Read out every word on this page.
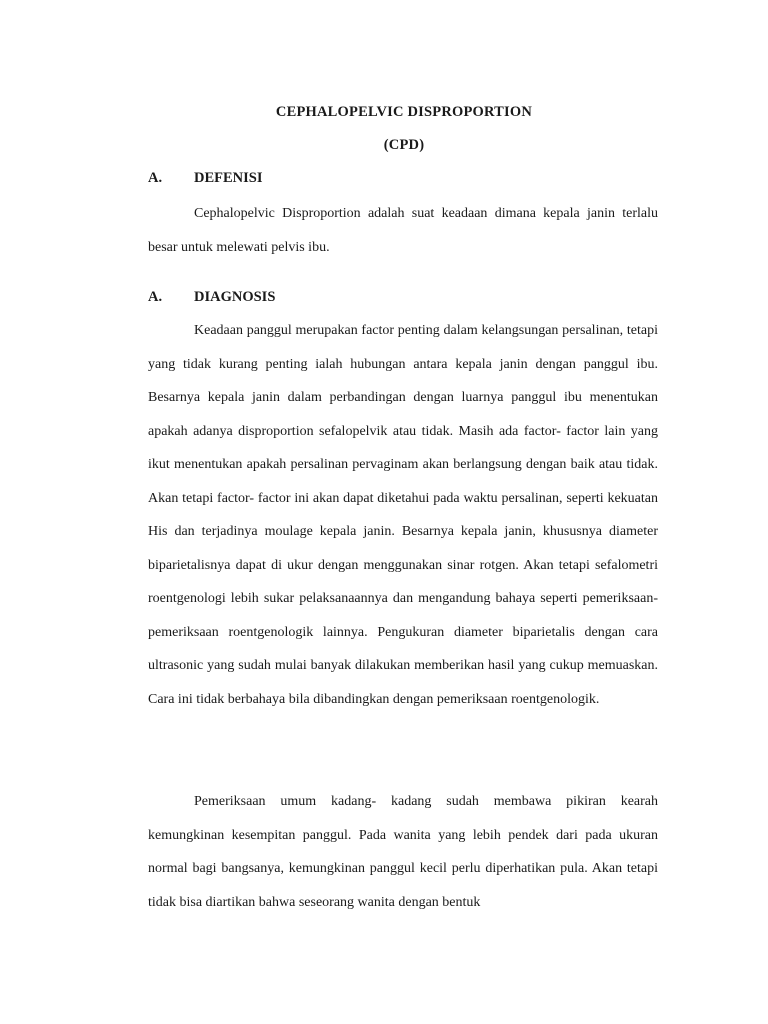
CEPHALOPELVIC DISPROPORTION
(CPD)
A. DEFENISI

Cephalopelvic Disproportion adalah suat keadaan dimana kepala janin terlalu besar untuk melewati pelvis ibu.

A. DIAGNOSIS

Keadaan panggul merupakan factor penting dalam kelangsungan persalinan, tetapi yang tidak kurang penting ialah hubungan antara kepala janin dengan panggul ibu. Besarnya kepala janin dalam perbandingan dengan luarnya panggul ibu menentukan apakah adanya disproportion sefalopelvik atau tidak. Masih ada factor- factor lain yang ikut menentukan apakah persalinan pervaginam akan berlangsung dengan baik atau tidak. Akan tetapi factor- factor ini akan dapat diketahui pada waktu persalinan, seperti kekuatan His dan terjadinya moulage kepala janin. Besarnya kepala janin, khususnya diameter biparietalisnya dapat di ukur dengan menggunakan sinar rotgen. Akan tetapi sefalometri roentgenologi lebih sukar pelaksanaannya dan mengandung bahaya seperti pemeriksaan-pemeriksaan roentgenologik lainnya. Pengukuran diameter biparietalis dengan cara ultrasonic yang sudah mulai banyak dilakukan memberikan hasil yang cukup memuaskan. Cara ini tidak berbahaya bila dibandingkan dengan pemeriksaan roentgenologik.

Pemeriksaan umum kadang- kadang sudah membawa pikiran kearah kemungkinan kesempitan panggul. Pada wanita yang lebih pendek dari pada ukuran normal bagi bangsanya, kemungkinan panggul kecil perlu diperhatikan pula. Akan tetapi tidak bisa diartikan bahwa seseorang wanita dengan bentuk
